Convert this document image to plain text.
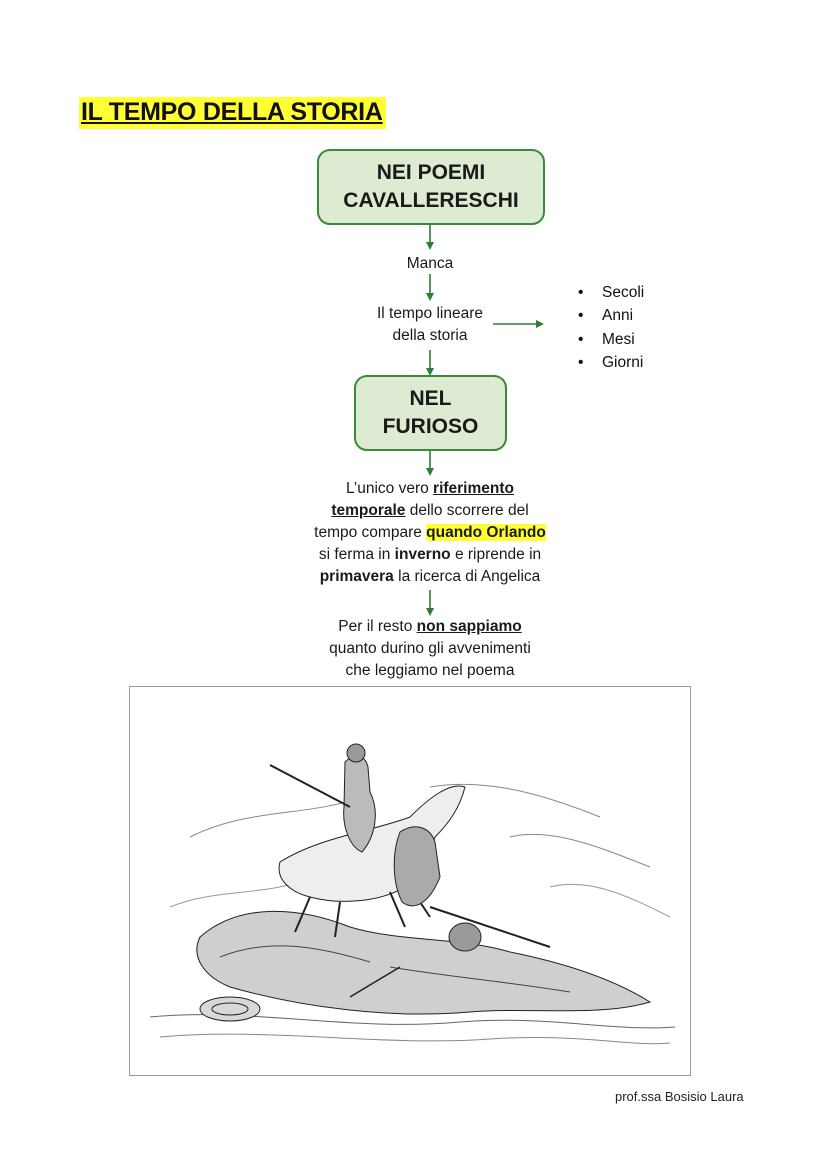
IL TEMPO DELLA STORIA
NEI POEMI
CAVALLERESCHI
Manca
Il tempo lineare
della storia
• Secoli
• Anni
• Mesi
• Giorni
NEL
FURIOSO
L’unico vero riferimento
temporale dello scorrere del
tempo compare quando Orlando
si ferma in inverno e riprende in
primavera la ricerca di Angelica
Per il resto non sappiamo
quanto durino gli avvenimenti
che leggiamo nel poema
prof.ssa Bosisio Laura
